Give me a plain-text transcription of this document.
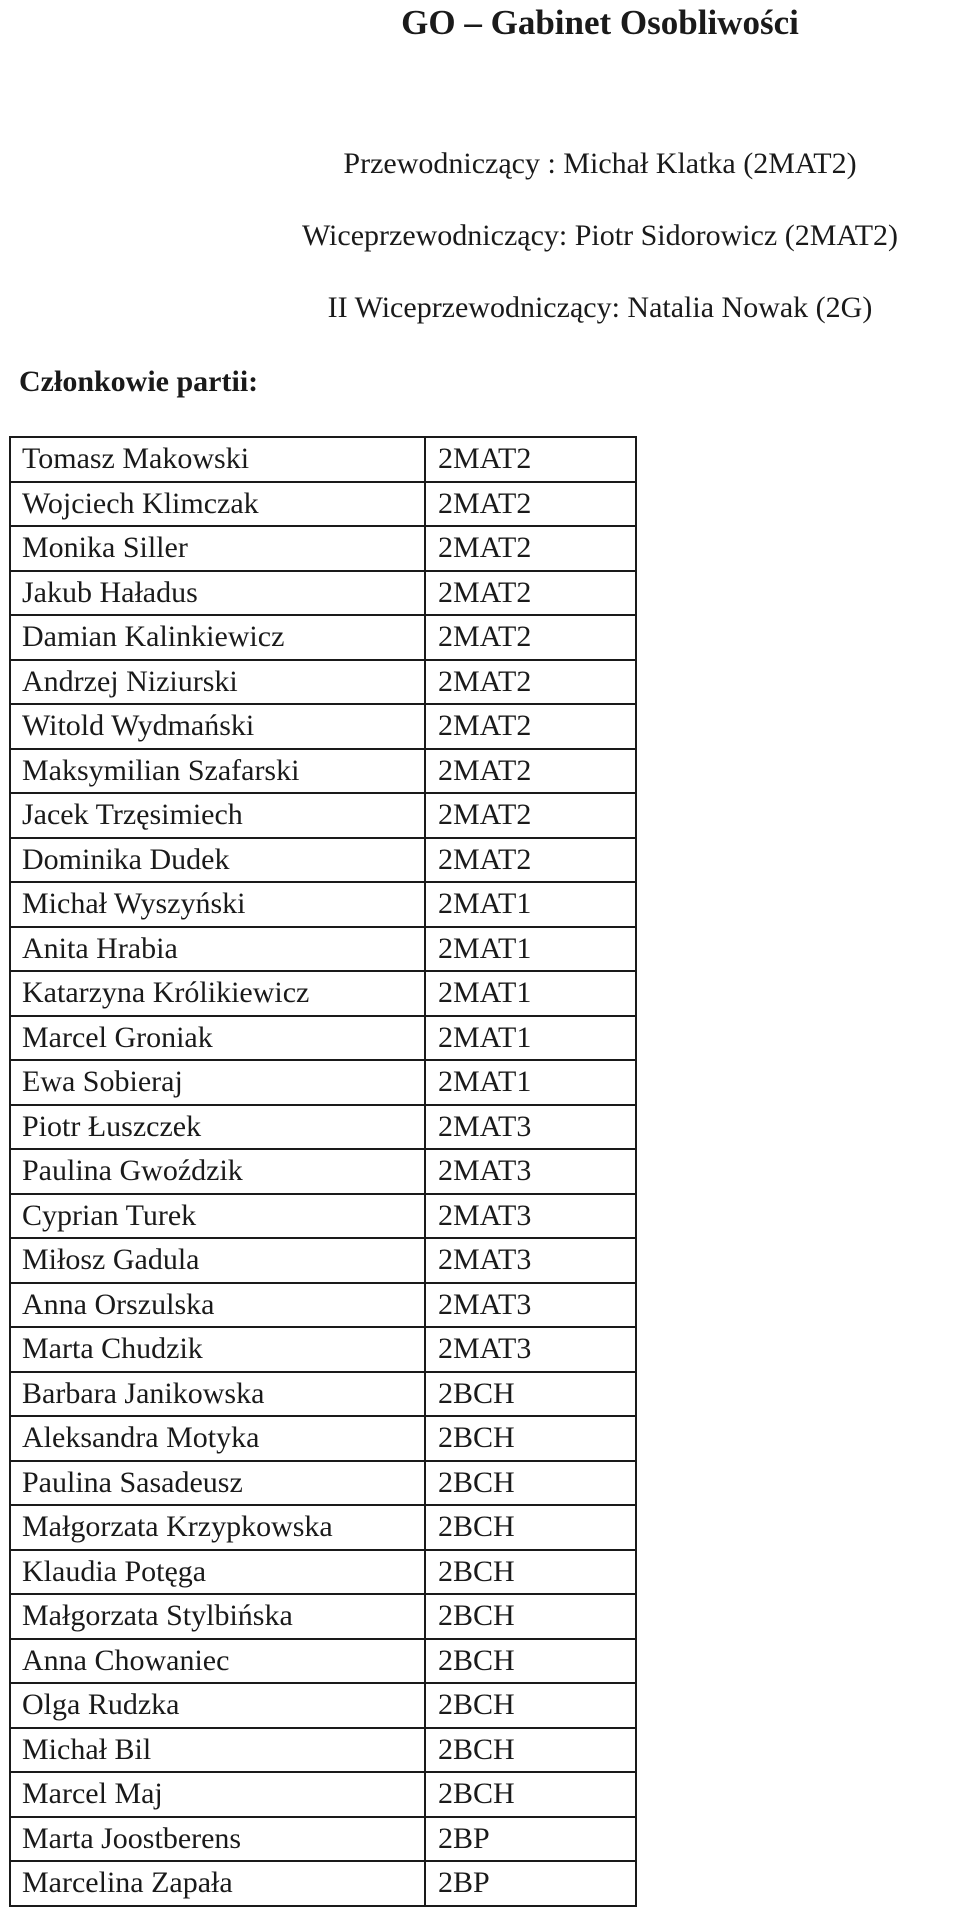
GO – Gabinet Osobliwości
Przewodniczący : Michał Klatka (2MAT2)
Wiceprzewodniczący: Piotr Sidorowicz (2MAT2)
II Wiceprzewodniczący: Natalia Nowak (2G)
Członkowie partii:
Tomasz Makowski	2MAT2
Wojciech Klimczak	2MAT2
Monika Siller	2MAT2
Jakub Haładus	2MAT2
Damian Kalinkiewicz	2MAT2
Andrzej Niziurski	2MAT2
Witold Wydmański	2MAT2
Maksymilian Szafarski	2MAT2
Jacek Trzęsimiech	2MAT2
Dominika Dudek	2MAT2
Michał Wyszyński	2MAT1
Anita Hrabia	2MAT1
Katarzyna Królikiewicz	2MAT1
Marcel Groniak	2MAT1
Ewa Sobieraj	2MAT1
Piotr Łuszczek	2MAT3
Paulina Gwoździk	2MAT3
Cyprian Turek	2MAT3
Miłosz Gadula	2MAT3
Anna Orszulska	2MAT3
Marta Chudzik	2MAT3
Barbara Janikowska	2BCH
Aleksandra Motyka	2BCH
Paulina Sasadeusz	2BCH
Małgorzata Krzypkowska	2BCH
Klaudia Potęga	2BCH
Małgorzata Stylbińska	2BCH
Anna Chowaniec	2BCH
Olga Rudzka	2BCH
Michał Bil	2BCH
Marcel Maj	2BCH
Marta Joostberens	2BP
Marcelina Zapała	2BP
